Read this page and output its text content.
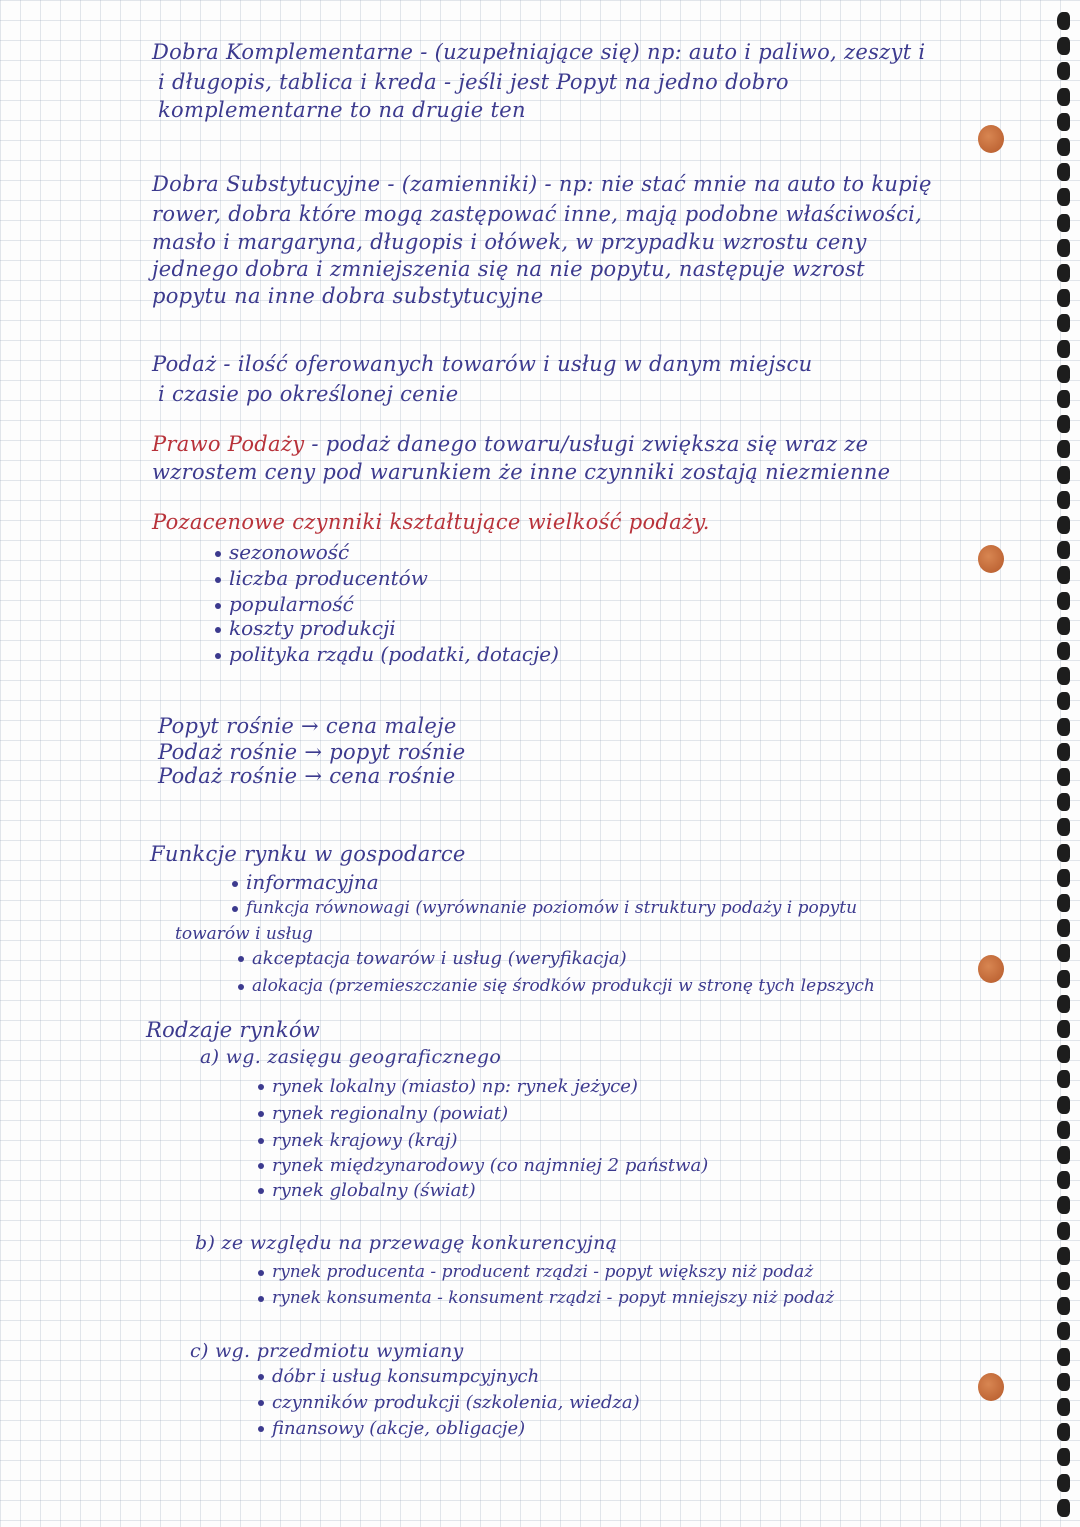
Dobra Komplementarne - (uzupełniające się) np: auto i paliwo, zeszyt i

i długopis, tablica i kreda - jeśli jest Popyt na jedno dobro

komplementarne to na drugie ten

Dobra Substytucyjne - (zamienniki) - np: nie stać mnie na auto to kupię

rower, dobra które mogą zastępować inne, mają podobne właściwości,

masło i margaryna, długopis i ołówek, w przypadku wzrostu ceny

jednego dobra i zmniejszenia się na nie popytu, następuje wzrost

popytu na inne dobra substytucyjne

Podaż - ilość oferowanych towarów i usług w danym miejscu

i czasie po określonej cenie

Prawo Podaży - podaż danego towaru/usługi zwiększa się wraz ze

wzrostem ceny pod warunkiem że inne czynniki zostają niezmienne

Pozacenowe czynniki kształtujące wielkość podaży.

sezonowość

liczba producentów

popularność

koszty produkcji

polityka rządu (podatki, dotacje)

Popyt rośnie → cena maleje

Podaż rośnie → popyt rośnie

Podaż rośnie → cena rośnie

Funkcje rynku w gospodarce

informacyjna

funkcja równowagi (wyrównanie poziomów i struktury podaży i popytu

towarów i usług

akceptacja towarów i usług (weryfikacja)

alokacja (przemieszczanie się środków produkcji w stronę tych lepszych

Rodzaje rynków

a) wg. zasięgu geograficznego

rynek lokalny (miasto) np: rynek jeżyce)

rynek regionalny (powiat)

rynek krajowy (kraj)

rynek międzynarodowy (co najmniej 2 państwa)

rynek globalny (świat)

b) ze względu na przewagę konkurencyjną

rynek producenta - producent rządzi - popyt większy niż podaż

rynek konsumenta - konsument rządzi - popyt mniejszy niż podaż

c) wg. przedmiotu wymiany

dóbr i usług konsumpcyjnych

czynników produkcji (szkolenia, wiedza)

finansowy (akcje, obligacje)
